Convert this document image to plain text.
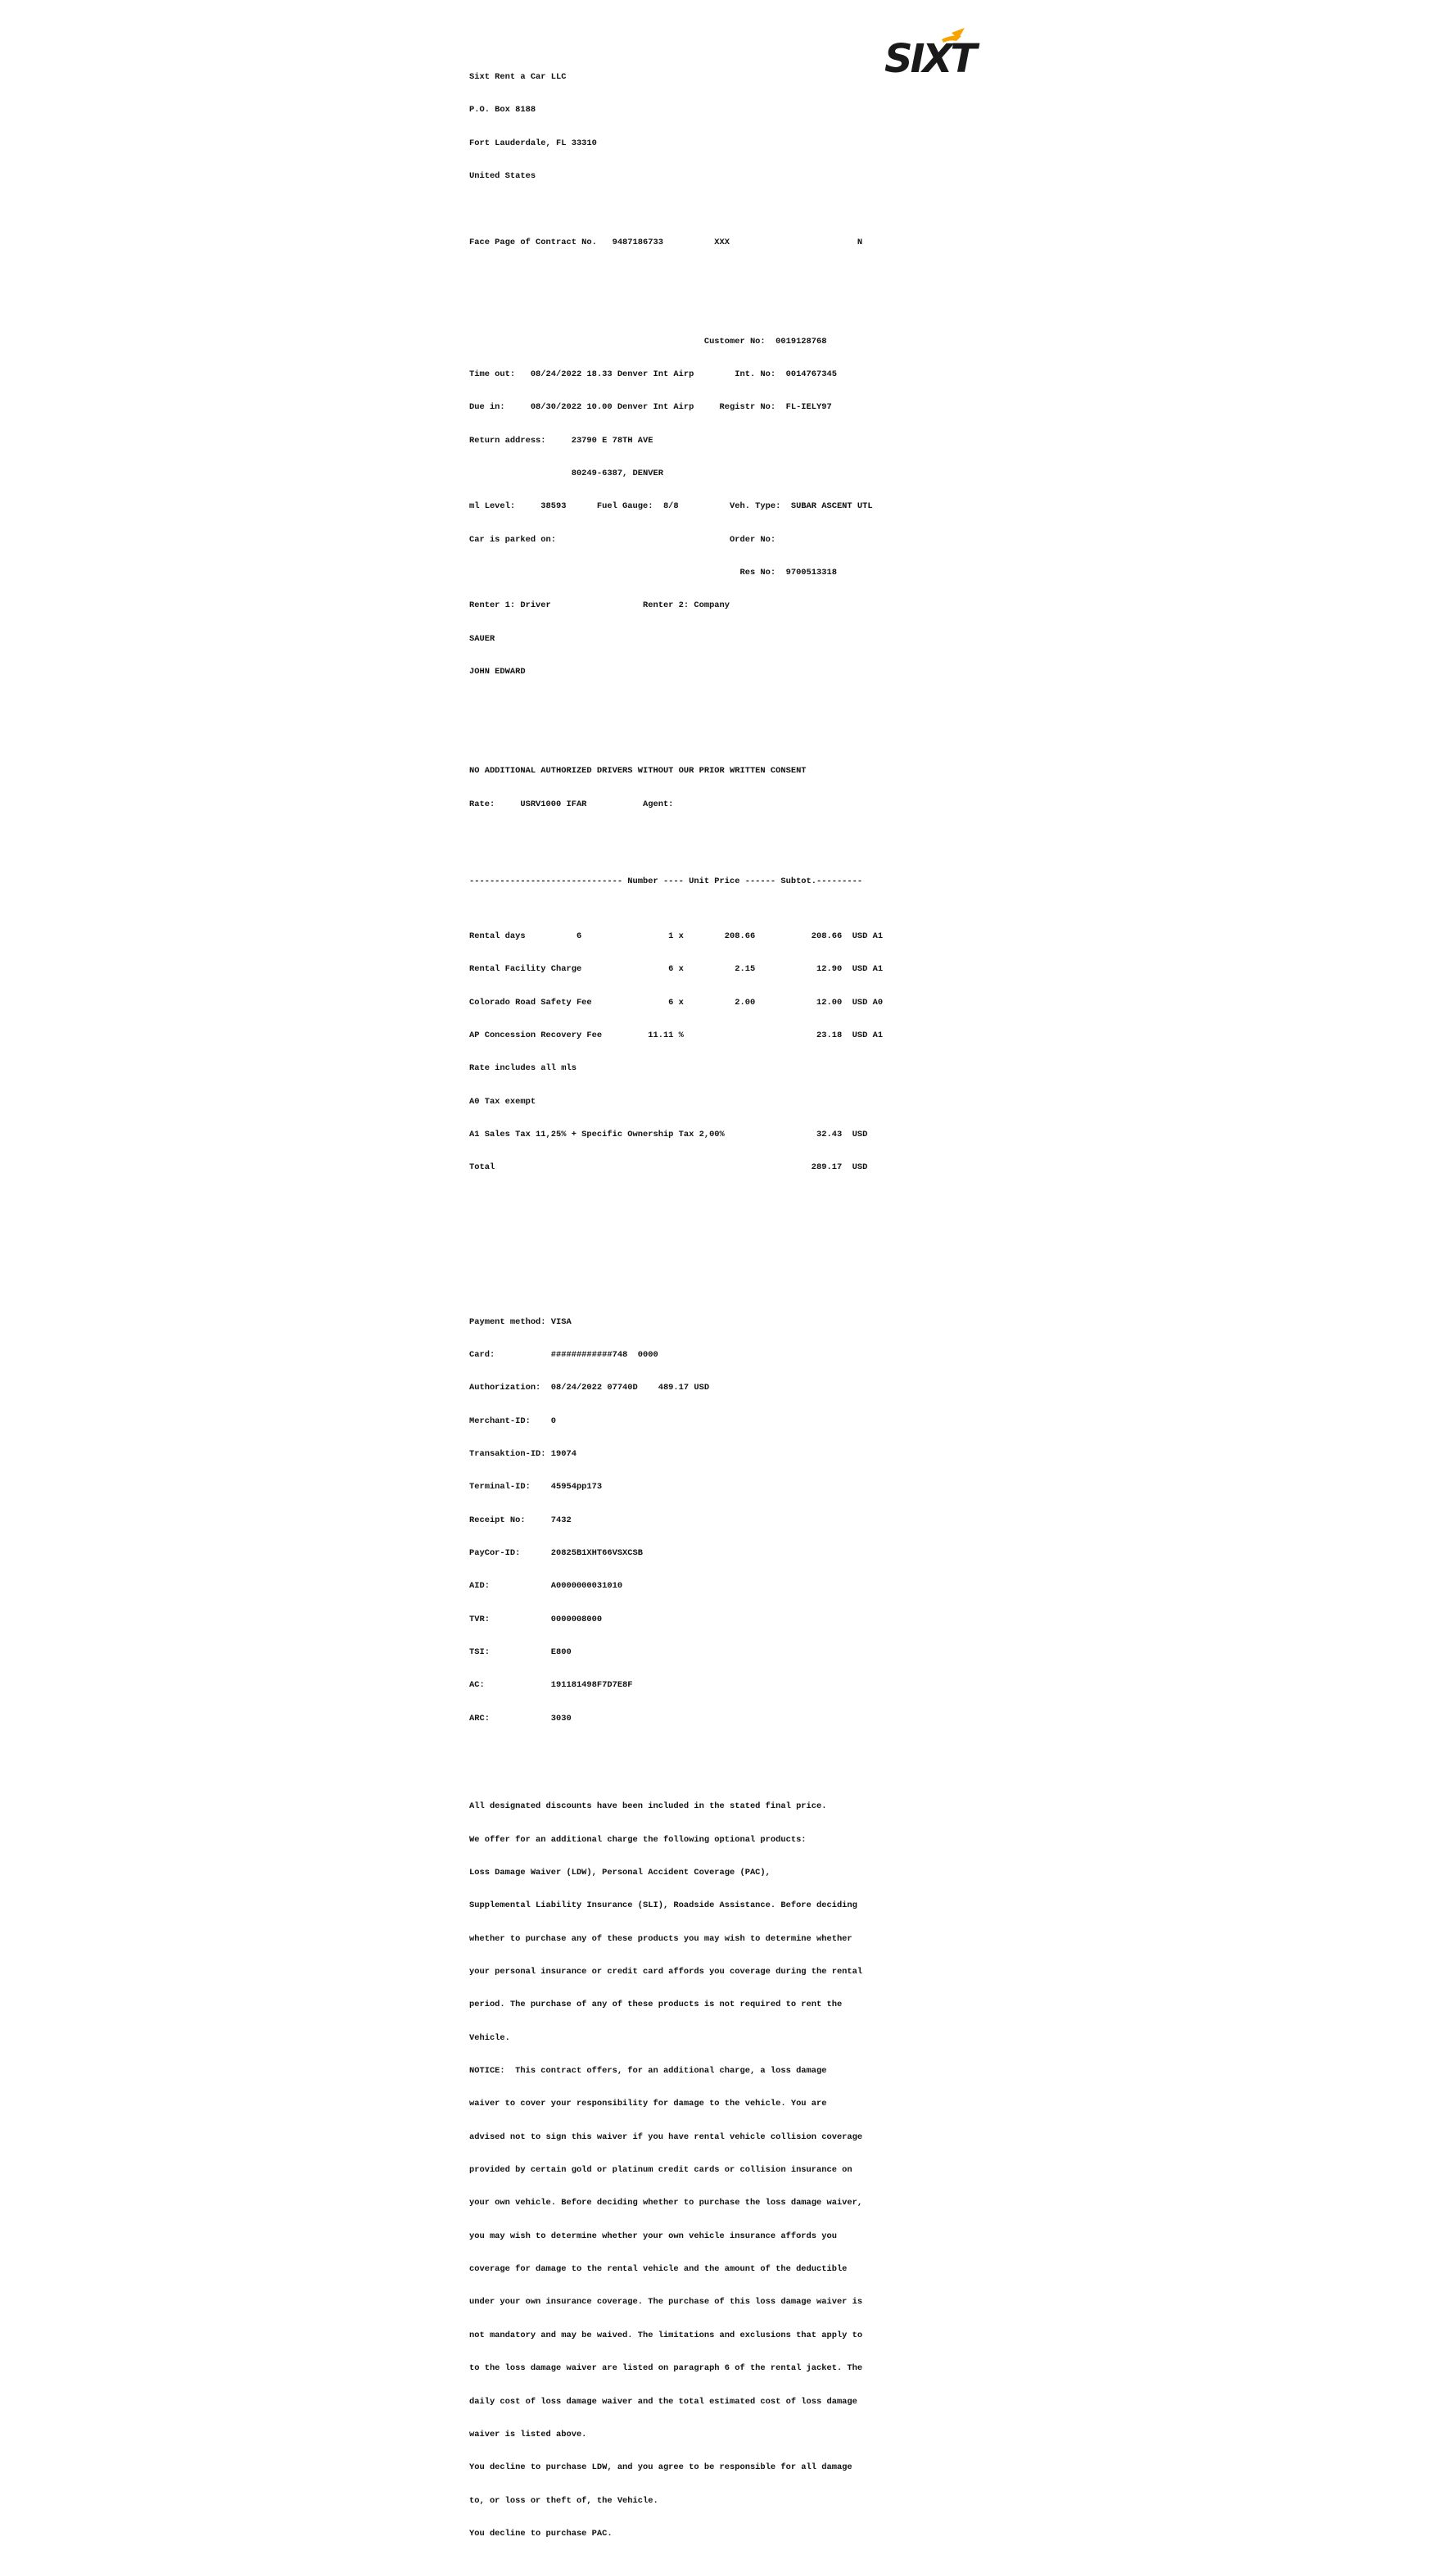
SIXT

Sixt Rent a Car LLC

P.O. Box 8188

Fort Lauderdale, FL 33310

United States

Face Page of Contract No.   9487186733          XXX                         N

Customer No:  0019128768

Time out:   08/24/2022 18.33 Denver Int Airp        Int. No:  0014767345

Due in:     08/30/2022 10.00 Denver Int Airp     Registr No:  FL-IELY97

Return address:     23790 E 78TH AVE

80249-6387, DENVER

ml Level:     38593      Fuel Gauge:  8/8          Veh. Type:  SUBAR ASCENT UTL

Car is parked on:                                  Order No:

Res No:  9700513318

Renter 1: Driver                  Renter 2: Company

SAUER

JOHN EDWARD

NO ADDITIONAL AUTHORIZED DRIVERS WITHOUT OUR PRIOR WRITTEN CONSENT

Rate:     USRV1000 IFAR           Agent:

------------------------------ Number ---- Unit Price ------ Subtot.---------

Rental days          6                 1 x        208.66           208.66  USD A1

Rental Facility Charge                 6 x          2.15            12.90  USD A1

Colorado Road Safety Fee               6 x          2.00            12.00  USD A0

AP Concession Recovery Fee         11.11 %                          23.18  USD A1

Rate includes all mls

A0 Tax exempt

A1 Sales Tax 11,25% + Specific Ownership Tax 2,00%                  32.43  USD

Total                                                              289.17  USD

Payment method: VISA

Card:           ############748  0000

Authorization:  08/24/2022 07740D    489.17 USD

Merchant-ID:    0

Transaktion-ID: 19074

Terminal-ID:    45954pp173

Receipt No:     7432

PayCor-ID:      20825B1XHT66VSXCSB

AID:            A0000000031010

TVR:            0000008000

TSI:            E800

AC:             191181498F7D7E8F

ARC:            3030

All designated discounts have been included in the stated final price.

We offer for an additional charge the following optional products:

Loss Damage Waiver (LDW), Personal Accident Coverage (PAC),

Supplemental Liability Insurance (SLI), Roadside Assistance. Before deciding

whether to purchase any of these products you may wish to determine whether

your personal insurance or credit card affords you coverage during the rental

period. The purchase of any of these products is not required to rent the

Vehicle.

NOTICE:  This contract offers, for an additional charge, a loss damage

waiver to cover your responsibility for damage to the vehicle. You are

advised not to sign this waiver if you have rental vehicle collision coverage

provided by certain gold or platinum credit cards or collision insurance on

your own vehicle. Before deciding whether to purchase the loss damage waiver,

you may wish to determine whether your own vehicle insurance affords you

coverage for damage to the rental vehicle and the amount of the deductible

under your own insurance coverage. The purchase of this loss damage waiver is

not mandatory and may be waived. The limitations and exclusions that apply to

to the loss damage waiver are listed on paragraph 6 of the rental jacket. The

daily cost of loss damage waiver and the total estimated cost of loss damage

waiver is listed above.

You decline to purchase LDW, and you agree to be responsible for all damage

to, or loss or theft of, the Vehicle.

You decline to purchase PAC.
